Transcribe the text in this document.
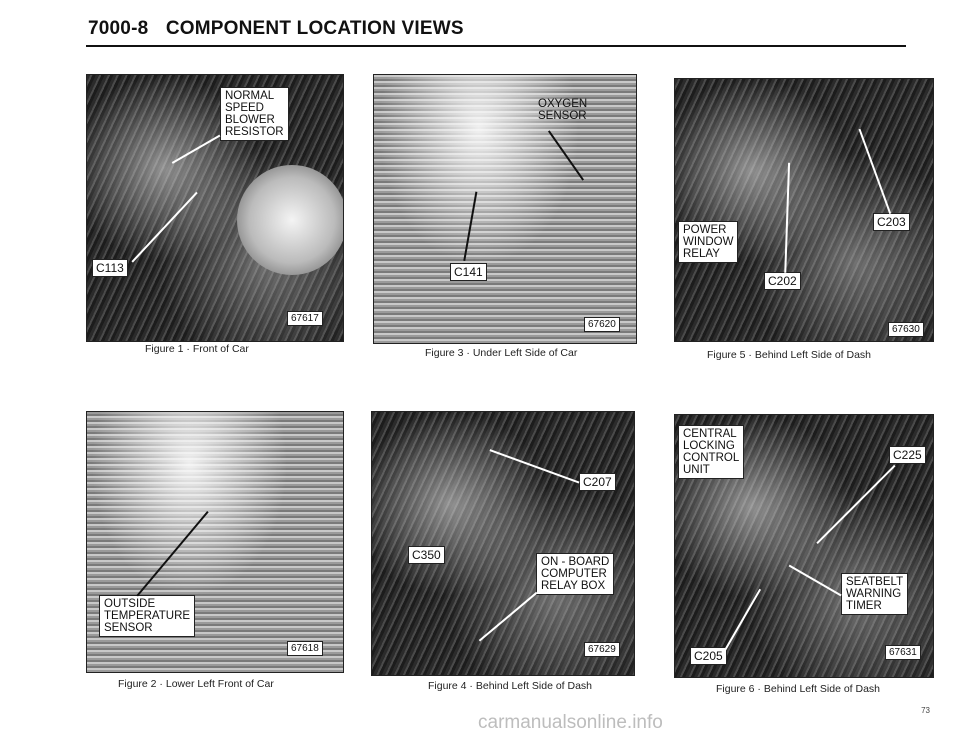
7000-8 COMPONENT LOCATION VIEWS
NORMAL
SPEED
BLOWER
RESISTOR
C113
67617
Figure 1 · Front of Car
OXYGEN
SENSOR
C141
67620
Figure 3 · Under Left Side of Car
POWER
WINDOW
RELAY
C203
C202
67630
Figure 5 · Behind Left Side of Dash
OUTSIDE
TEMPERATURE
SENSOR
67618
Figure 2 · Lower Left Front of Car
C207
C350	ON - BOARD
COMPUTER
RELAY BOX
67629
Figure 4 · Behind Left Side of Dash
CENTRAL
LOCKING
CONTROL
UNIT
C225
SEATBELT
WARNING
TIMER
C205	67631
Figure 6 · Behind Left Side of Dash
73
carmanualsonline.info
